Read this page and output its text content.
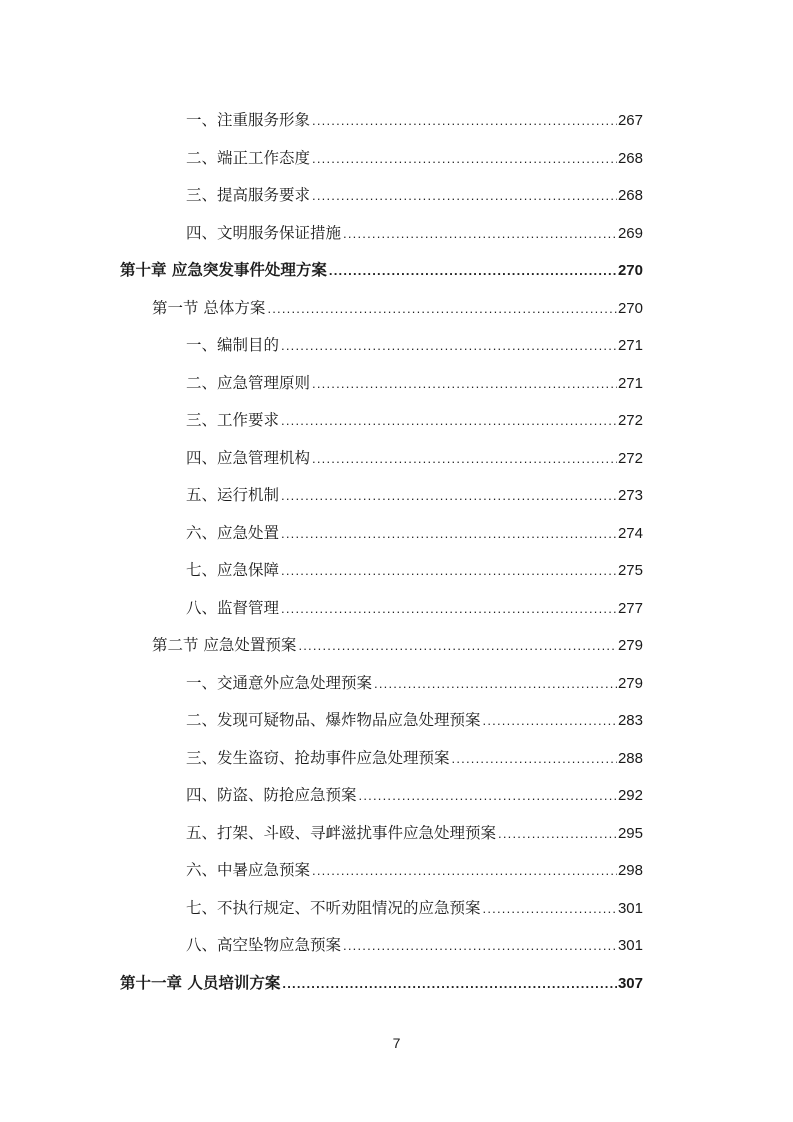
一、注重服务形象 .....	267
二、端正工作态度 .....	268
三、提高服务要求 .....	268
四、文明服务保证措施 .....	269
第十章 应急突发事件处理方案 .....	270
第一节 总体方案 .....	270
一、编制目的 .....	271
二、应急管理原则 .....	271
三、工作要求 .....	272
四、应急管理机构 .....	272
五、运行机制 .....	273
六、应急处置 .....	274
七、应急保障 .....	275
八、监督管理 .....	277
第二节 应急处置预案 .....	279
一、交通意外应急处理预案 .....	279
二、发现可疑物品、爆炸物品应急处理预案 .....	283
三、发生盗窃、抢劫事件应急处理预案 .....	288
四、防盗、防抢应急预案 .....	292
五、打架、斗殴、寻衅滋扰事件应急处理预案 .....	295
六、中暑应急预案 .....	298
七、不执行规定、不听劝阻情况的应急预案 .....	301
八、高空坠物应急预案 .....	301
第十一章 人员培训方案 .....	307
7
